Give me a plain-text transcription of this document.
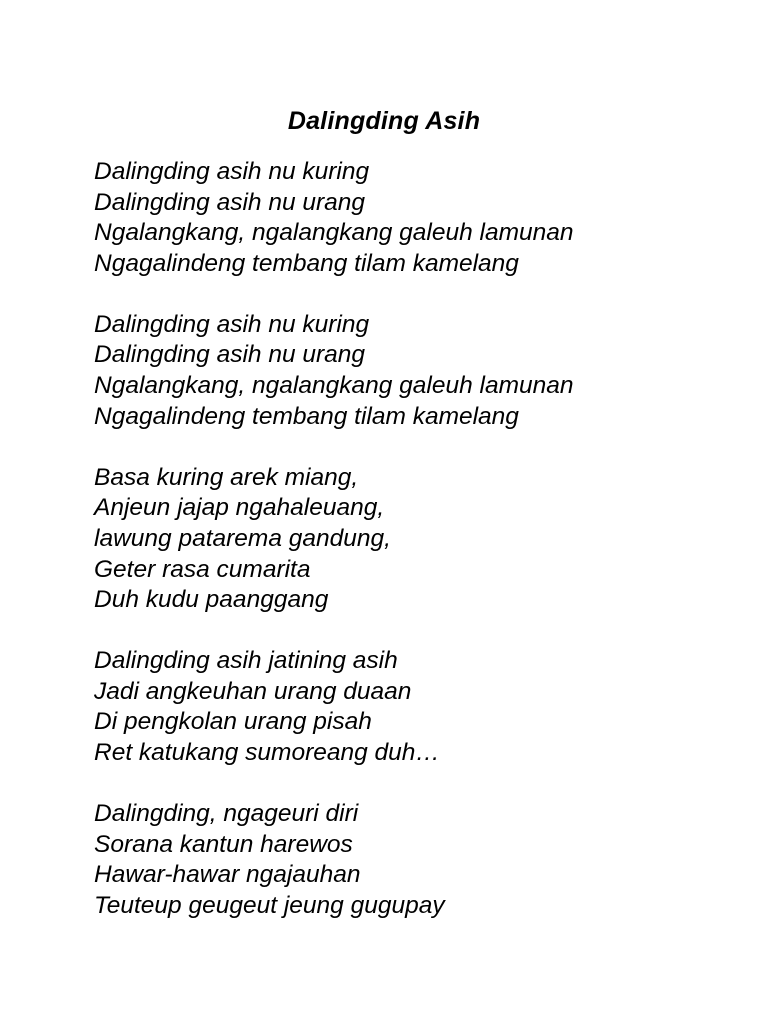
Dalingding Asih
Dalingding asih nu kuring
Dalingding asih nu urang
Ngalangkang, ngalangkang galeuh lamunan
Ngagalindeng tembang tilam kamelang
Dalingding asih nu kuring
Dalingding asih nu urang
Ngalangkang, ngalangkang galeuh lamunan
Ngagalindeng tembang tilam kamelang
Basa kuring arek miang,
Anjeun jajap ngahaleuang,
lawung patarema gandung,
Geter rasa cumarita
Duh kudu paanggang
Dalingding asih jatining asih
Jadi angkeuhan urang duaan
Di pengkolan urang pisah
Ret katukang sumoreang duh…
Dalingding, ngageuri diri
Sorana kantun harewos
Hawar-hawar ngajauhan
Teuteup geugeut jeung gugupay
